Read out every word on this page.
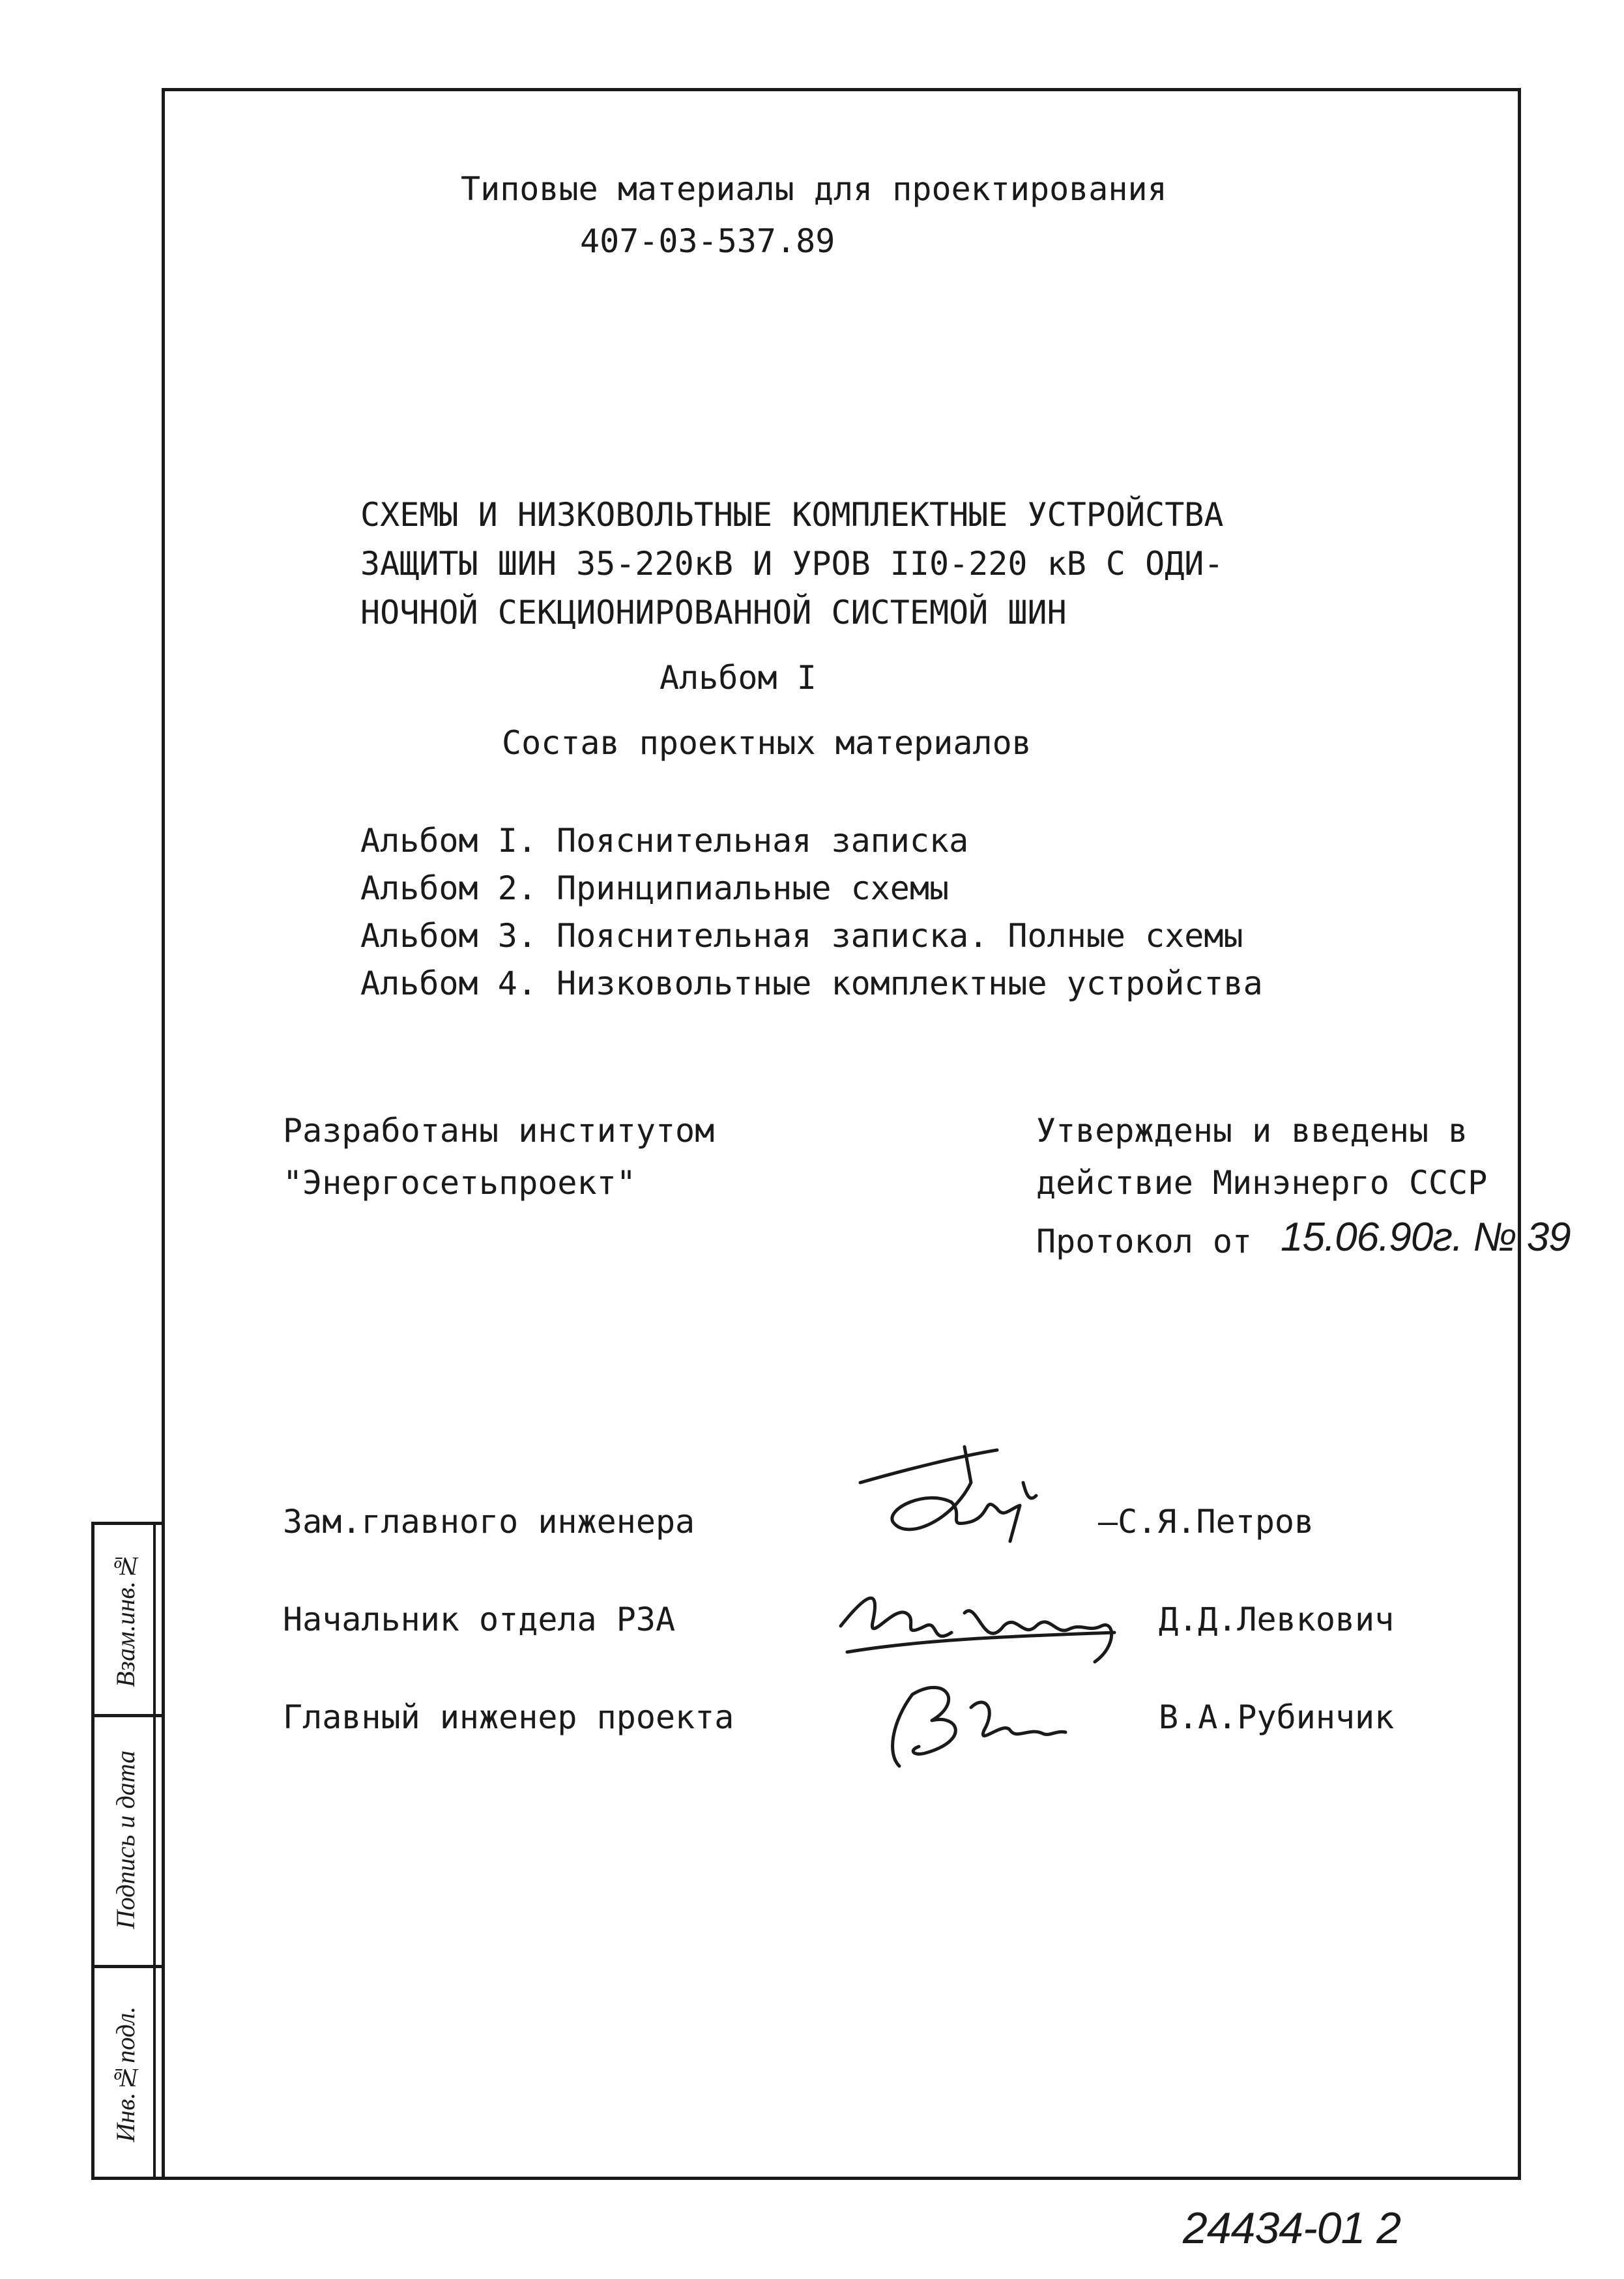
Типовые материалы для проектирования
407-03-537.89
СХЕМЫ И НИЗКОВОЛЬТНЫЕ КОМПЛЕКТНЫЕ УСТРОЙСТВА
ЗАЩИТЫ ШИН 35-220кВ И УРОВ II0-220 кВ С ОДИ-
НОЧНОЙ СЕКЦИОНИРОВАННОЙ СИСТЕМОЙ ШИН
Альбом I
Состав проектных материалов
Альбом I. Пояснительная записка
Альбом 2. Принципиальные схемы
Альбом 3. Пояснительная записка. Полные схемы
Альбом 4. Низковольтные комплектные устройства
Разработаны институтом
"Энергосетьпроект"
Утверждены и введены в
действие Минэнерго СССР
Протокол от 15.06.90г. № 39
Зам.главного инженера	—С.Я.Петров
Начальник отдела РЗА	Д.Д.Левкович
Главный инженер проекта	В.А.Рубинчик
Взам.инв.№
Подпись и дата
Инв.№подл.
24434-01 2
